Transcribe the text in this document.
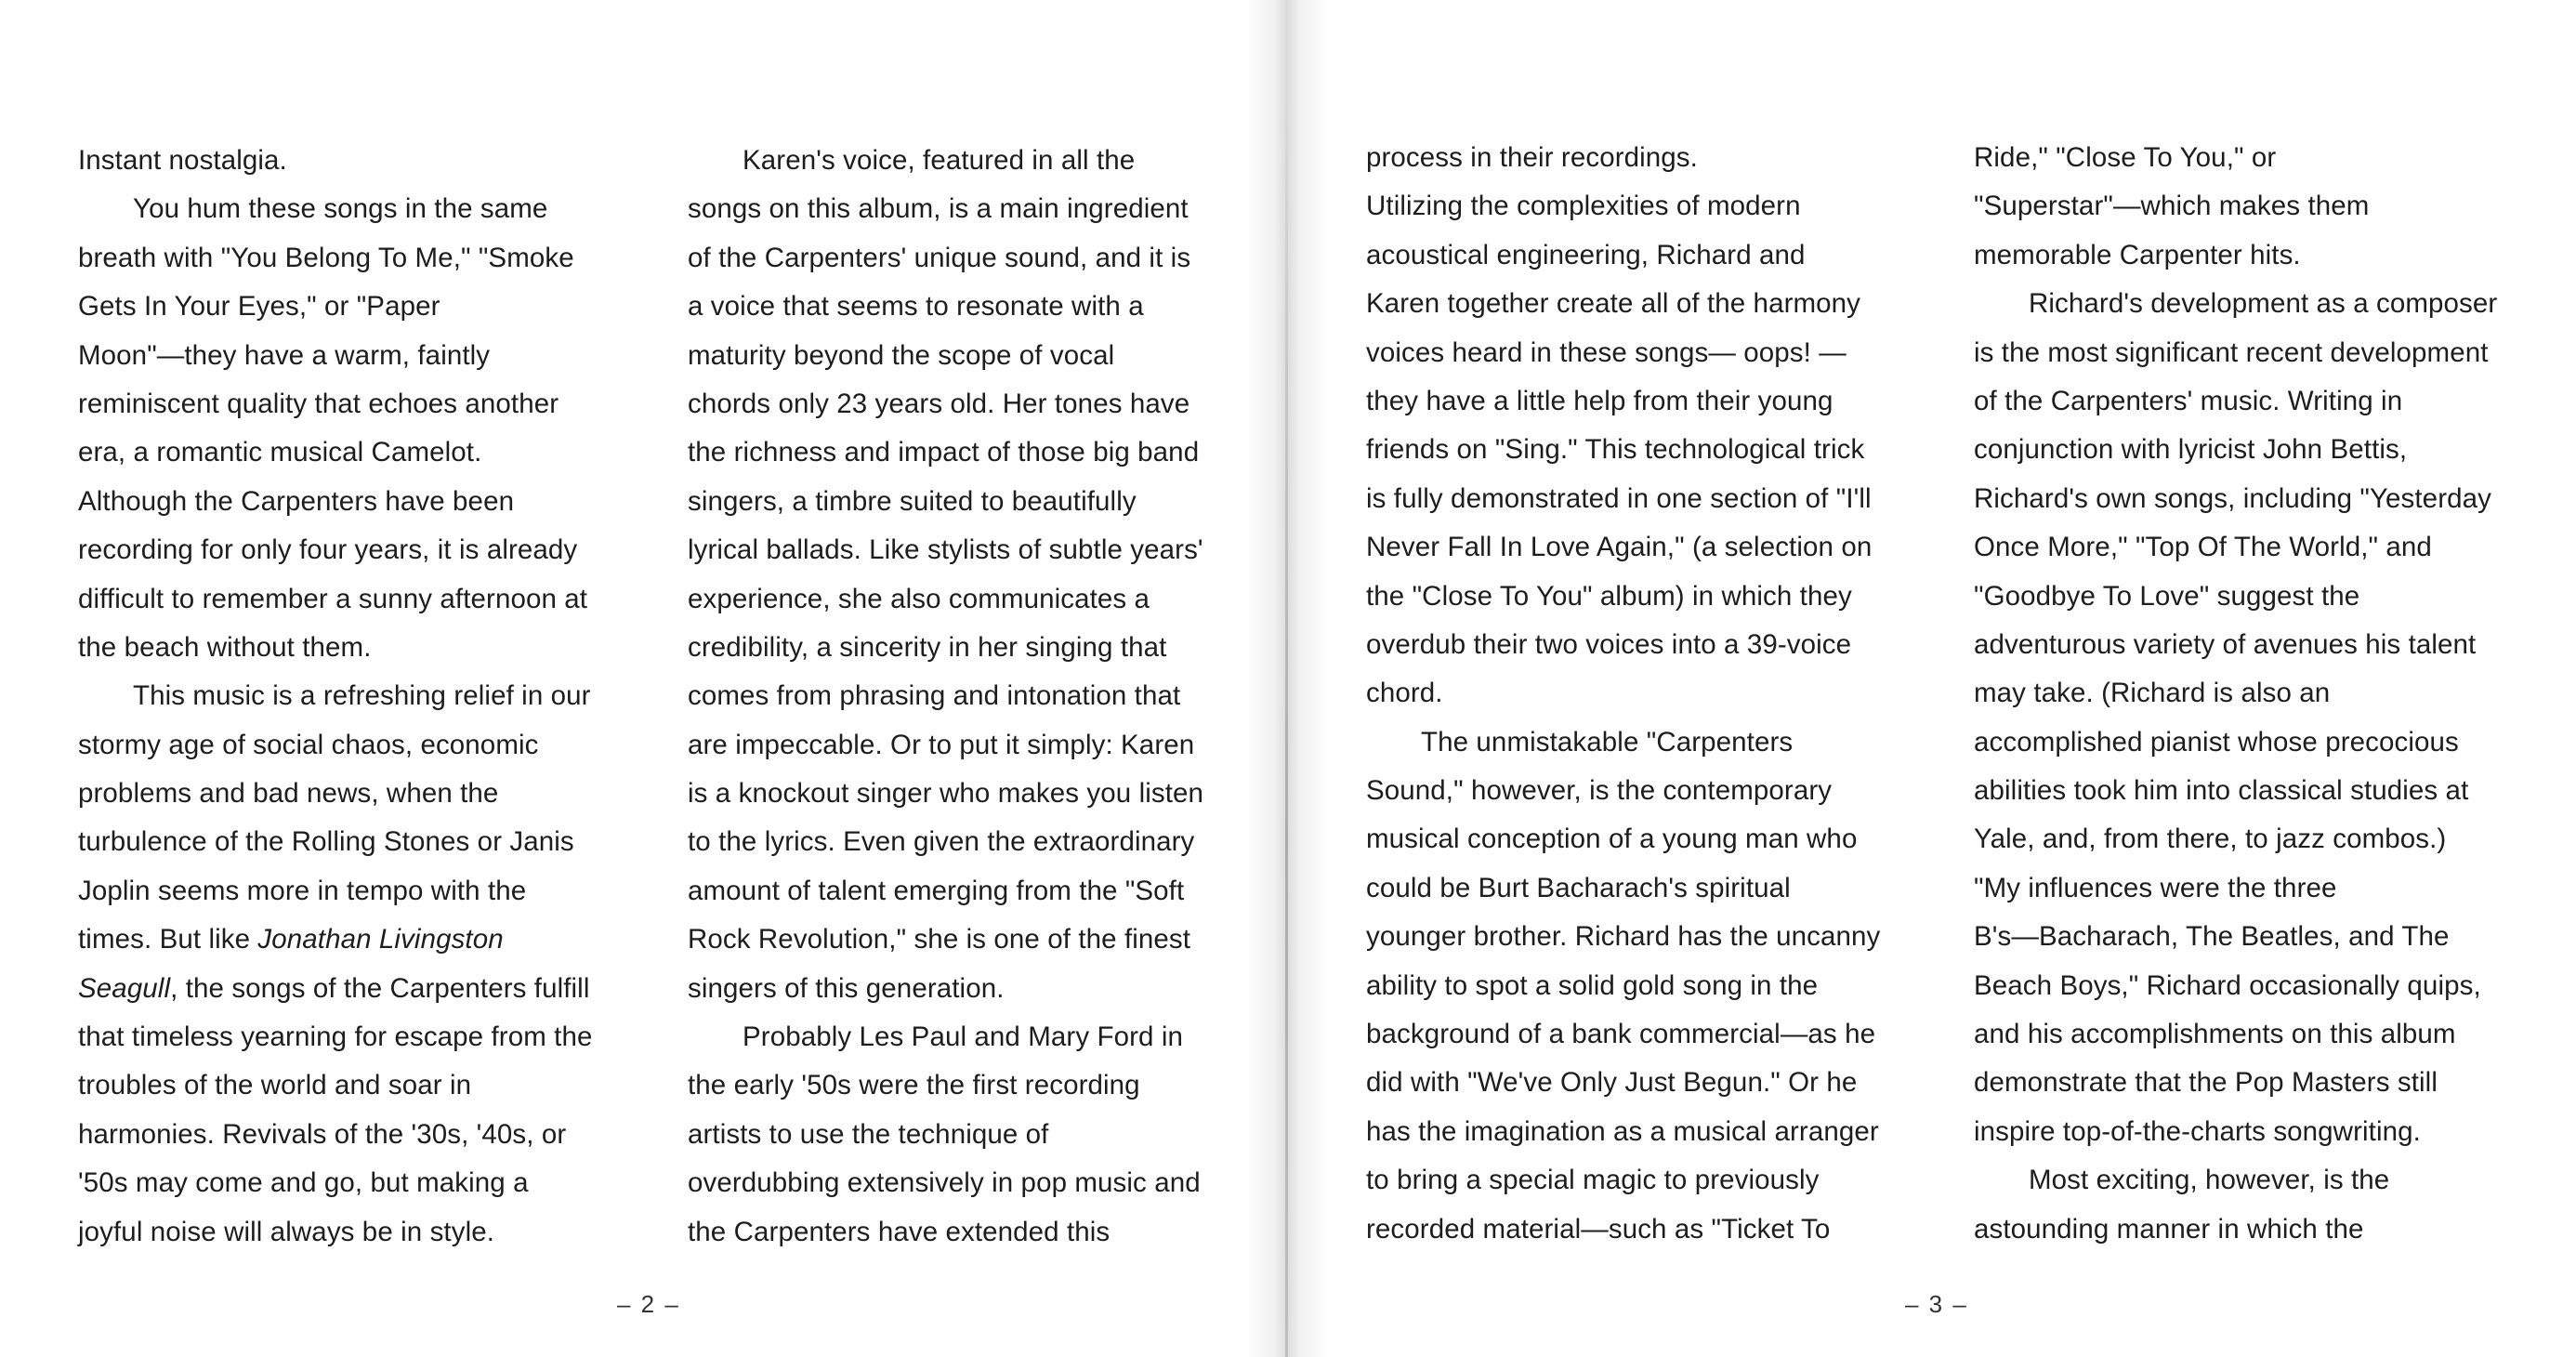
Instant nostalgia.
You hum these songs in the same
breath with "You Belong To Me," "Smoke
Gets In Your Eyes," or "Paper
Moon"—they have a warm, faintly
reminiscent quality that echoes another
era, a romantic musical Camelot.
Although the Carpenters have been
recording for only four years, it is already
difficult to remember a sunny afternoon at
the beach without them.
This music is a refreshing relief in our
stormy age of social chaos, economic
problems and bad news, when the
turbulence of the Rolling Stones or Janis
Joplin seems more in tempo with the
times. But like Jonathan Livingston
Seagull, the songs of the Carpenters fulfill
that timeless yearning for escape from the
troubles of the world and soar in
harmonies. Revivals of the '30s, '40s, or
'50s may come and go, but making a
joyful noise will always be in style.
Karen's voice, featured in all the
songs on this album, is a main ingredient
of the Carpenters' unique sound, and it is
a voice that seems to resonate with a
maturity beyond the scope of vocal
chords only 23 years old. Her tones have
the richness and impact of those big band
singers, a timbre suited to beautifully
lyrical ballads. Like stylists of subtle years'
experience, she also communicates a
credibility, a sincerity in her singing that
comes from phrasing and intonation that
are impeccable. Or to put it simply: Karen
is a knockout singer who makes you listen
to the lyrics. Even given the extraordinary
amount of talent emerging from the "Soft
Rock Revolution," she is one of the finest
singers of this generation.
Probably Les Paul and Mary Ford in
the early '50s were the first recording
artists to use the technique of
overdubbing extensively in pop music and
the Carpenters have extended this
– 2 –
process in their recordings.
Utilizing the complexities of modern
acoustical engineering, Richard and
Karen together create all of the harmony
voices heard in these songs— oops! —
they have a little help from their young
friends on "Sing." This technological trick
is fully demonstrated in one section of "I'll
Never Fall In Love Again," (a selection on
the "Close To You" album) in which they
overdub their two voices into a 39-voice
chord.
The unmistakable "Carpenters
Sound," however, is the contemporary
musical conception of a young man who
could be Burt Bacharach's spiritual
younger brother. Richard has the uncanny
ability to spot a solid gold song in the
background of a bank commercial—as he
did with "We've Only Just Begun." Or he
has the imagination as a musical arranger
to bring a special magic to previously
recorded material—such as "Ticket To
Ride," "Close To You," or
"Superstar"—which makes them
memorable Carpenter hits.
Richard's development as a composer
is the most significant recent development
of the Carpenters' music. Writing in
conjunction with lyricist John Bettis,
Richard's own songs, including "Yesterday
Once More," "Top Of The World," and
"Goodbye To Love" suggest the
adventurous variety of avenues his talent
may take. (Richard is also an
accomplished pianist whose precocious
abilities took him into classical studies at
Yale, and, from there, to jazz combos.)
"My influences were the three
B's—Bacharach, The Beatles, and The
Beach Boys," Richard occasionally quips,
and his accomplishments on this album
demonstrate that the Pop Masters still
inspire top-of-the-charts songwriting.
Most exciting, however, is the
astounding manner in which the
– 3 –
